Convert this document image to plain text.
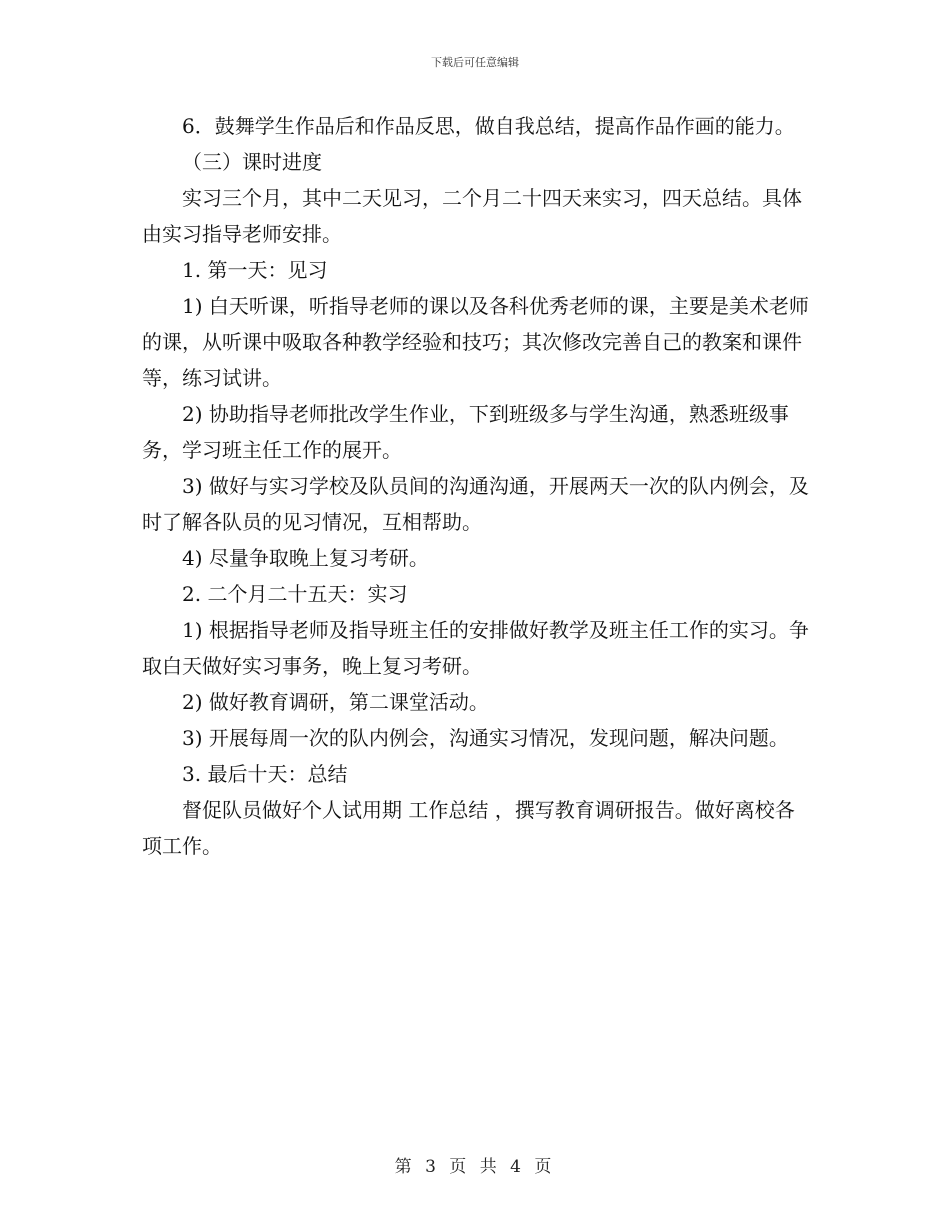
下载后可任意编辑

6．鼓舞学生作品后和作品反思，做自我总结，提高作品作画的能力。

（三）课时进度

实习三个月，其中二天见习，二个月二十四天来实习，四天总结。具体由实习指导老师安排。

1. 第一天：见习

1) 白天听课，听指导老师的课以及各科优秀老师的课，主要是美术老师的课，从听课中吸取各种教学经验和技巧；其次修改完善自己的教案和课件等，练习试讲。

2) 协助指导老师批改学生作业，下到班级多与学生沟通，熟悉班级事务，学习班主任工作的展开。

3) 做好与实习学校及队员间的沟通沟通，开展两天一次的队内例会，及时了解各队员的见习情况，互相帮助。

4) 尽量争取晚上复习考研。

2. 二个月二十五天：实习

1) 根据指导老师及指导班主任的安排做好教学及班主任工作的实习。争取白天做好实习事务，晚上复习考研。

2) 做好教育调研，第二课堂活动。

3) 开展每周一次的队内例会，沟通实习情况，发现问题，解决问题。

3. 最后十天：总结

督促队员做好个人试用期 工作总结 ，撰写教育调研报告。做好离校各项工作。

第 3 页 共 4 页
